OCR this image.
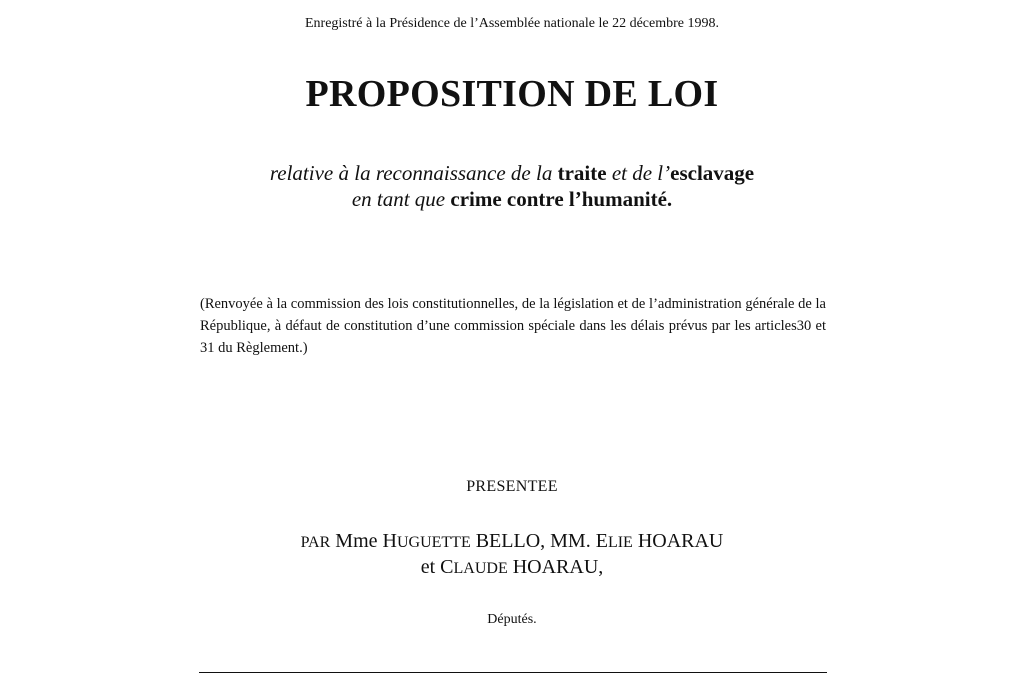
Enregistré à la Présidence de l’Assemblée nationale le 22 décembre 1998.
PROPOSITION DE LOI
relative à la reconnaissance de la traite et de l’esclavage
en tant que crime contre l’humanité.
(Renvoyée à la commission des lois constitutionnelles, de la législation et de l’administration générale de la République, à défaut de constitution d’une commission spéciale dans les délais prévus par les articles30 et 31 du Règlement.)
PRESENTEE
PAR Mme HUGUETTE BELLO, MM. ELIE HOARAU
et CLAUDE HOARAU,
Députés.
